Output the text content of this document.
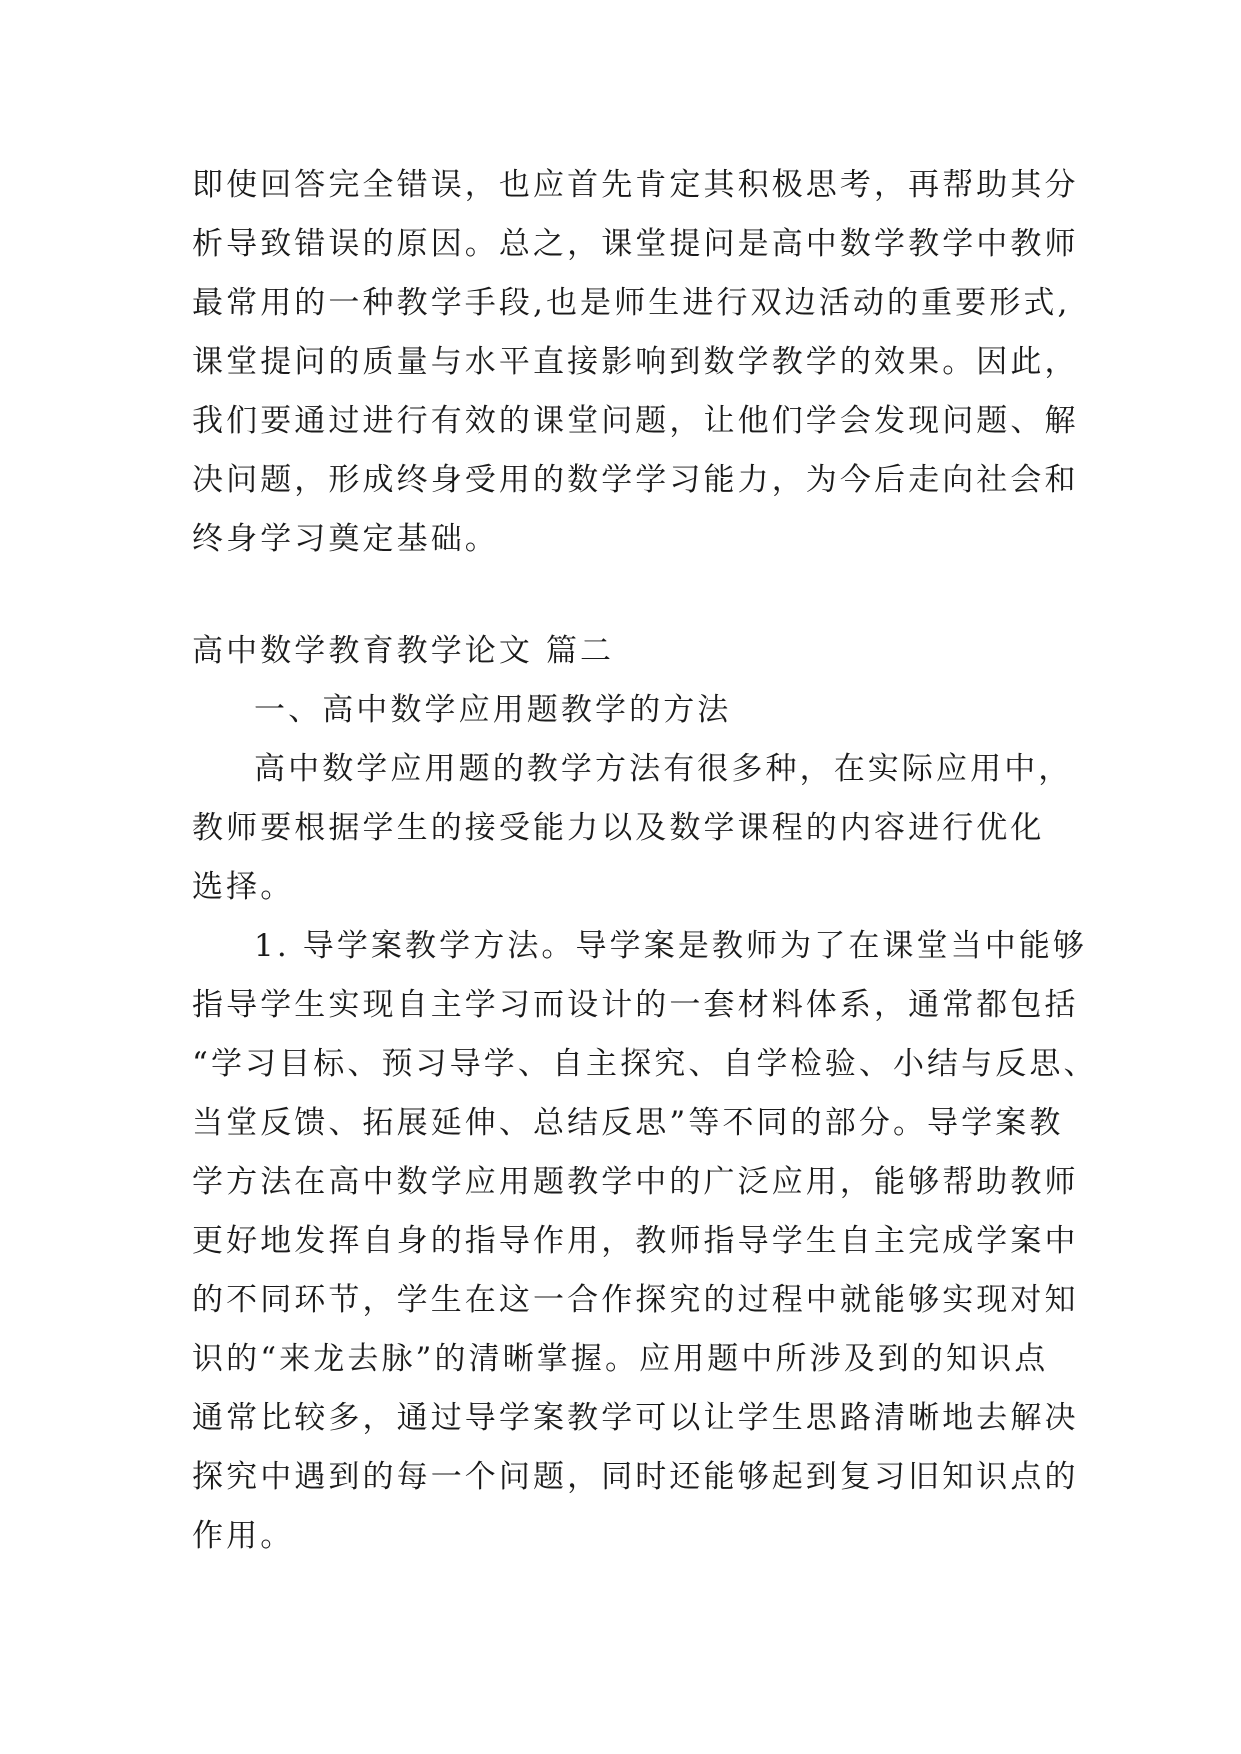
即使回答完全错误，也应首先肯定其积极思考，再帮助其分
析导致错误的原因。总之，课堂提问是高中数学教学中教师
最常用的一种教学手段,也是师生进行双边活动的重要形式,
课堂提问的质量与水平直接影响到数学教学的效果。因此，
我们要通过进行有效的课堂问题，让他们学会发现问题、解
决问题，形成终身受用的数学学习能力，为今后走向社会和
终身学习奠定基础。
高中数学教育教学论文 篇二
一、高中数学应用题教学的方法
高中数学应用题的教学方法有很多种，在实际应用中，
教师要根据学生的接受能力以及数学课程的内容进行优化
选择。
1. 导学案教学方法。导学案是教师为了在课堂当中能够
指导学生实现自主学习而设计的一套材料体系，通常都包括
“学习目标、预习导学、自主探究、自学检验、小结与反思、
当堂反馈、拓展延伸、总结反思”等不同的部分。导学案教
学方法在高中数学应用题教学中的广泛应用，能够帮助教师
更好地发挥自身的指导作用，教师指导学生自主完成学案中
的不同环节，学生在这一合作探究的过程中就能够实现对知
识的“来龙去脉”的清晰掌握。应用题中所涉及到的知识点
通常比较多，通过导学案教学可以让学生思路清晰地去解决
探究中遇到的每一个问题，同时还能够起到复习旧知识点的
作用。
